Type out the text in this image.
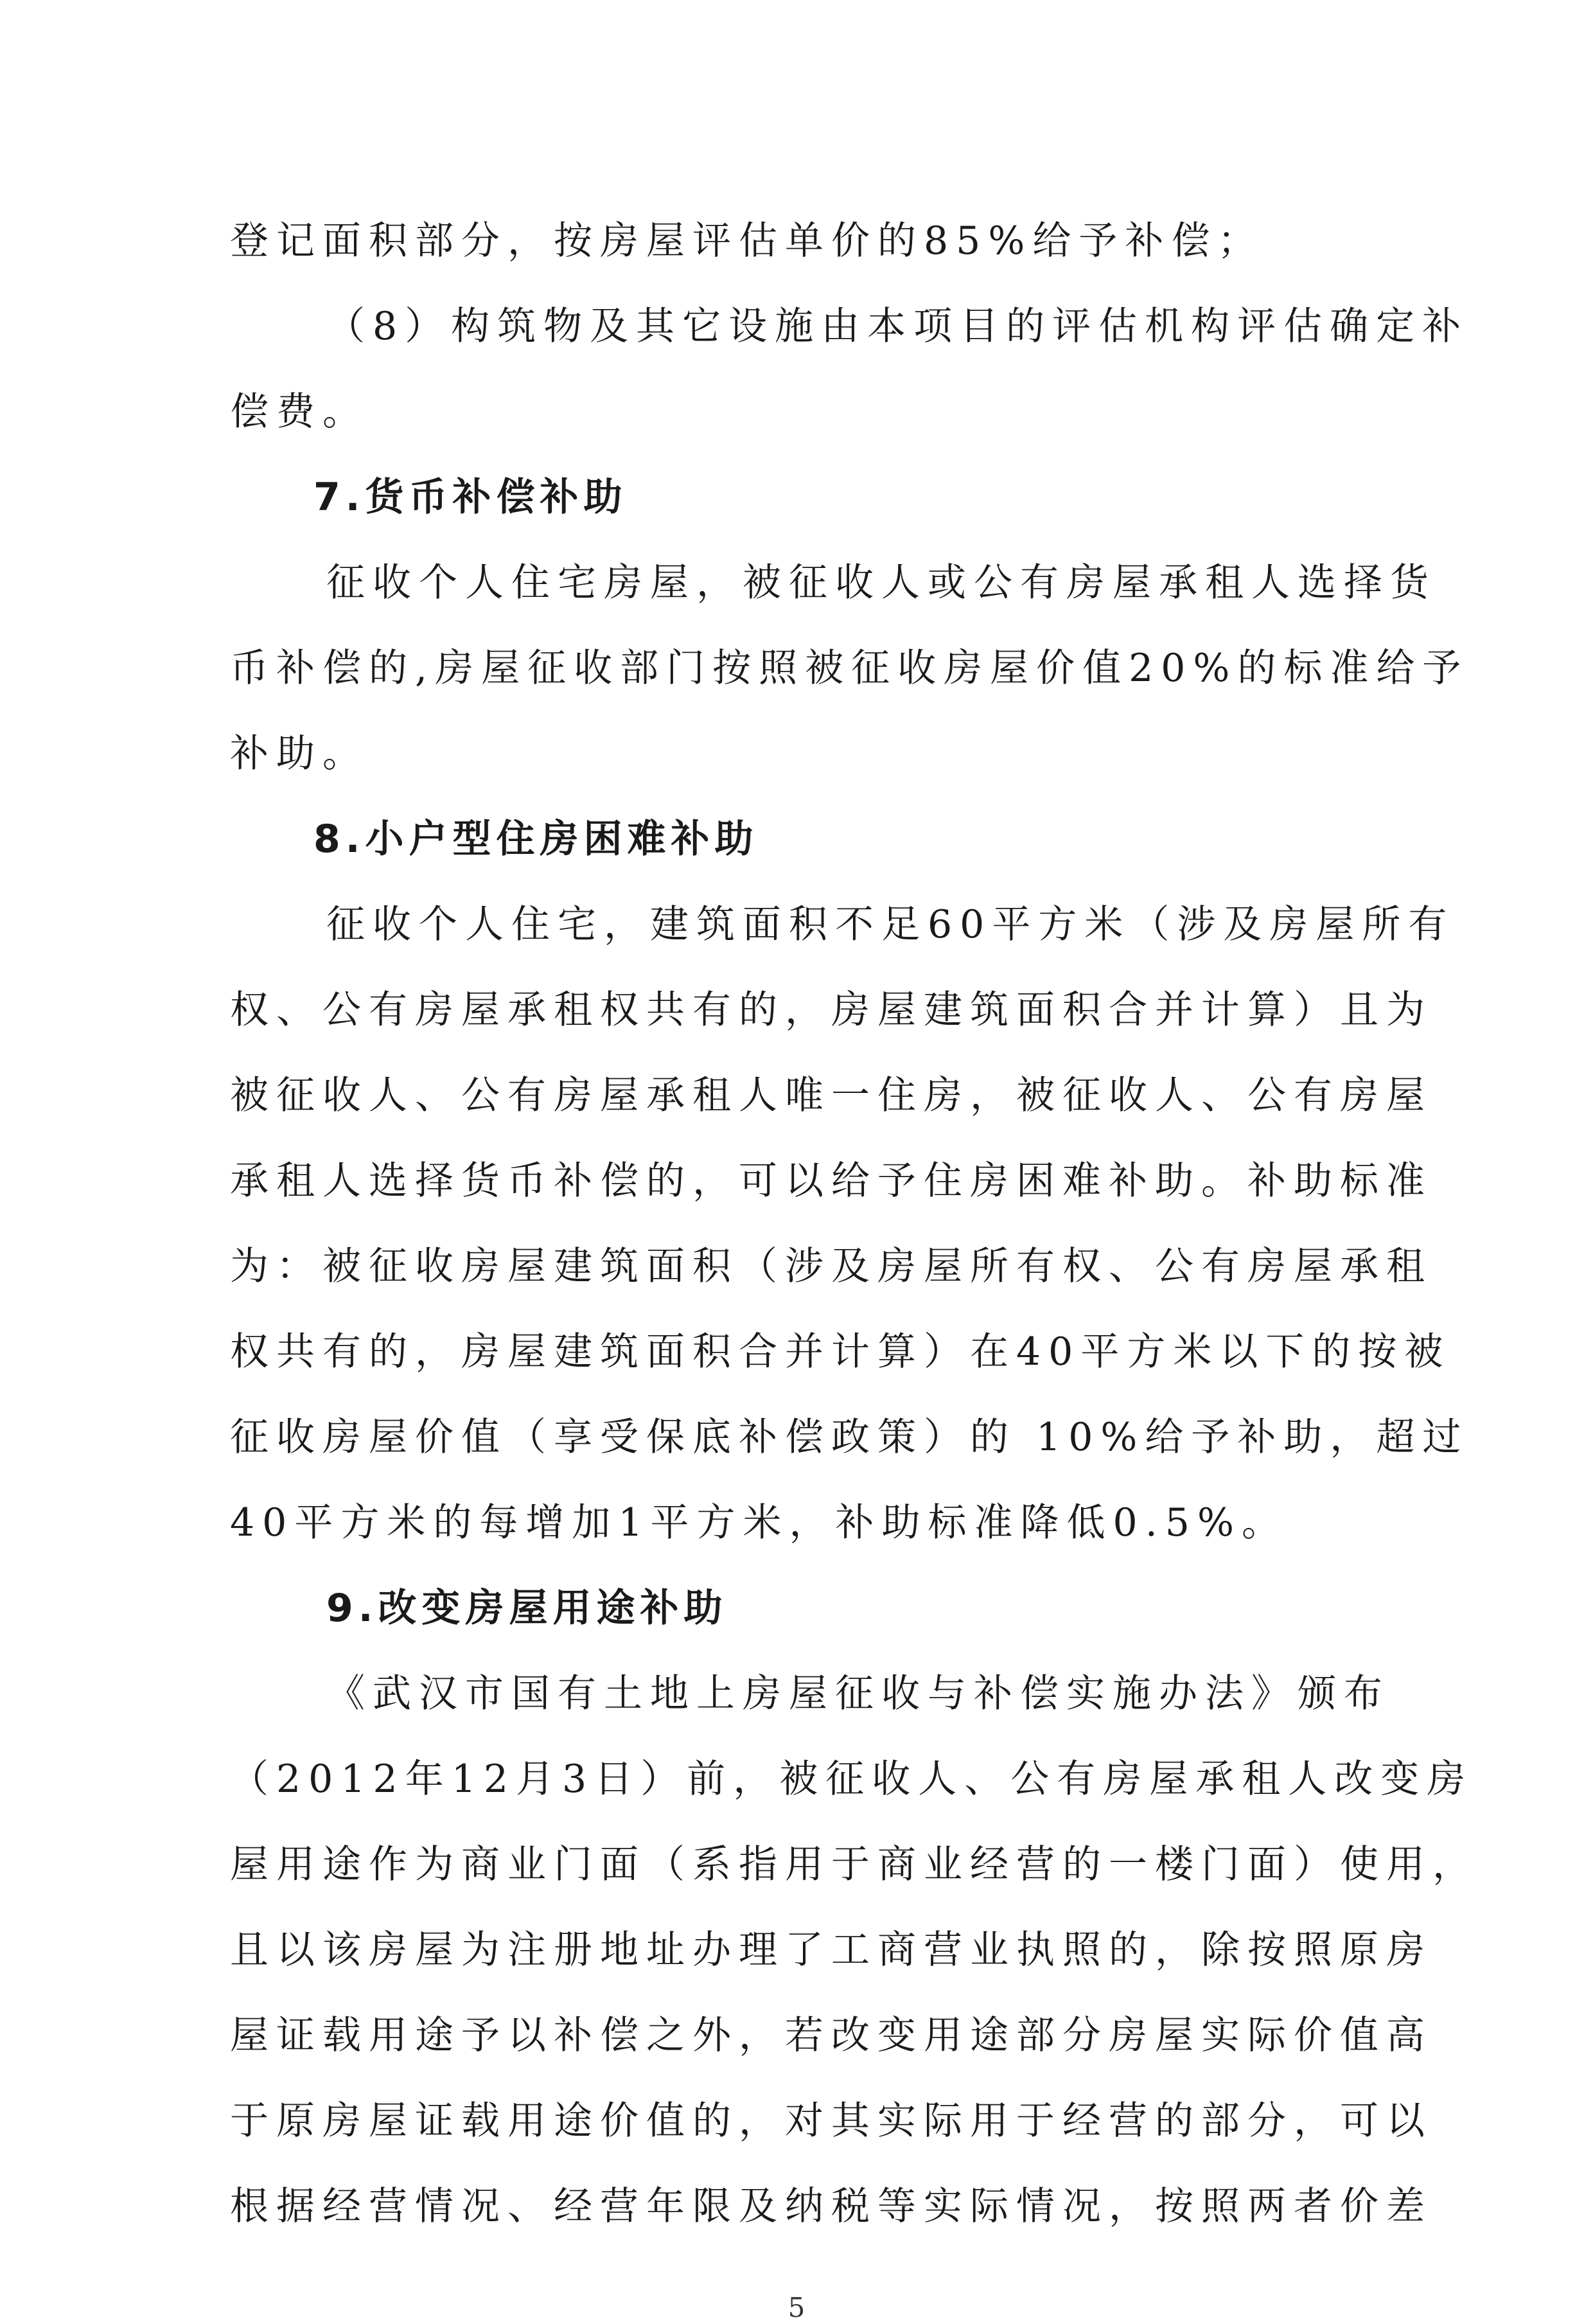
登记面积部分，按房屋评估单价的85%给予补偿；
（8）构筑物及其它设施由本项目的评估机构评估确定补
偿费。
7.货币补偿补助
征收个人住宅房屋，被征收人或公有房屋承租人选择货
币补偿的,房屋征收部门按照被征收房屋价值20%的标准给予
补助。
8.小户型住房困难补助
征收个人住宅，建筑面积不足60平方米（涉及房屋所有
权、公有房屋承租权共有的，房屋建筑面积合并计算）且为
被征收人、公有房屋承租人唯一住房，被征收人、公有房屋
承租人选择货币补偿的，可以给予住房困难补助。补助标准
为：被征收房屋建筑面积（涉及房屋所有权、公有房屋承租
权共有的，房屋建筑面积合并计算）在40平方米以下的按被
征收房屋价值（享受保底补偿政策）的 10%给予补助，超过
40平方米的每增加1平方米，补助标准降低0.5%。
9.改变房屋用途补助
《武汉市国有土地上房屋征收与补偿实施办法》颁布
（2012年12月3日）前，被征收人、公有房屋承租人改变房
屋用途作为商业门面（系指用于商业经营的一楼门面）使用，
且以该房屋为注册地址办理了工商营业执照的，除按照原房
屋证载用途予以补偿之外，若改变用途部分房屋实际价值高
于原房屋证载用途价值的，对其实际用于经营的部分，可以
根据经营情况、经营年限及纳税等实际情况，按照两者价差
5
